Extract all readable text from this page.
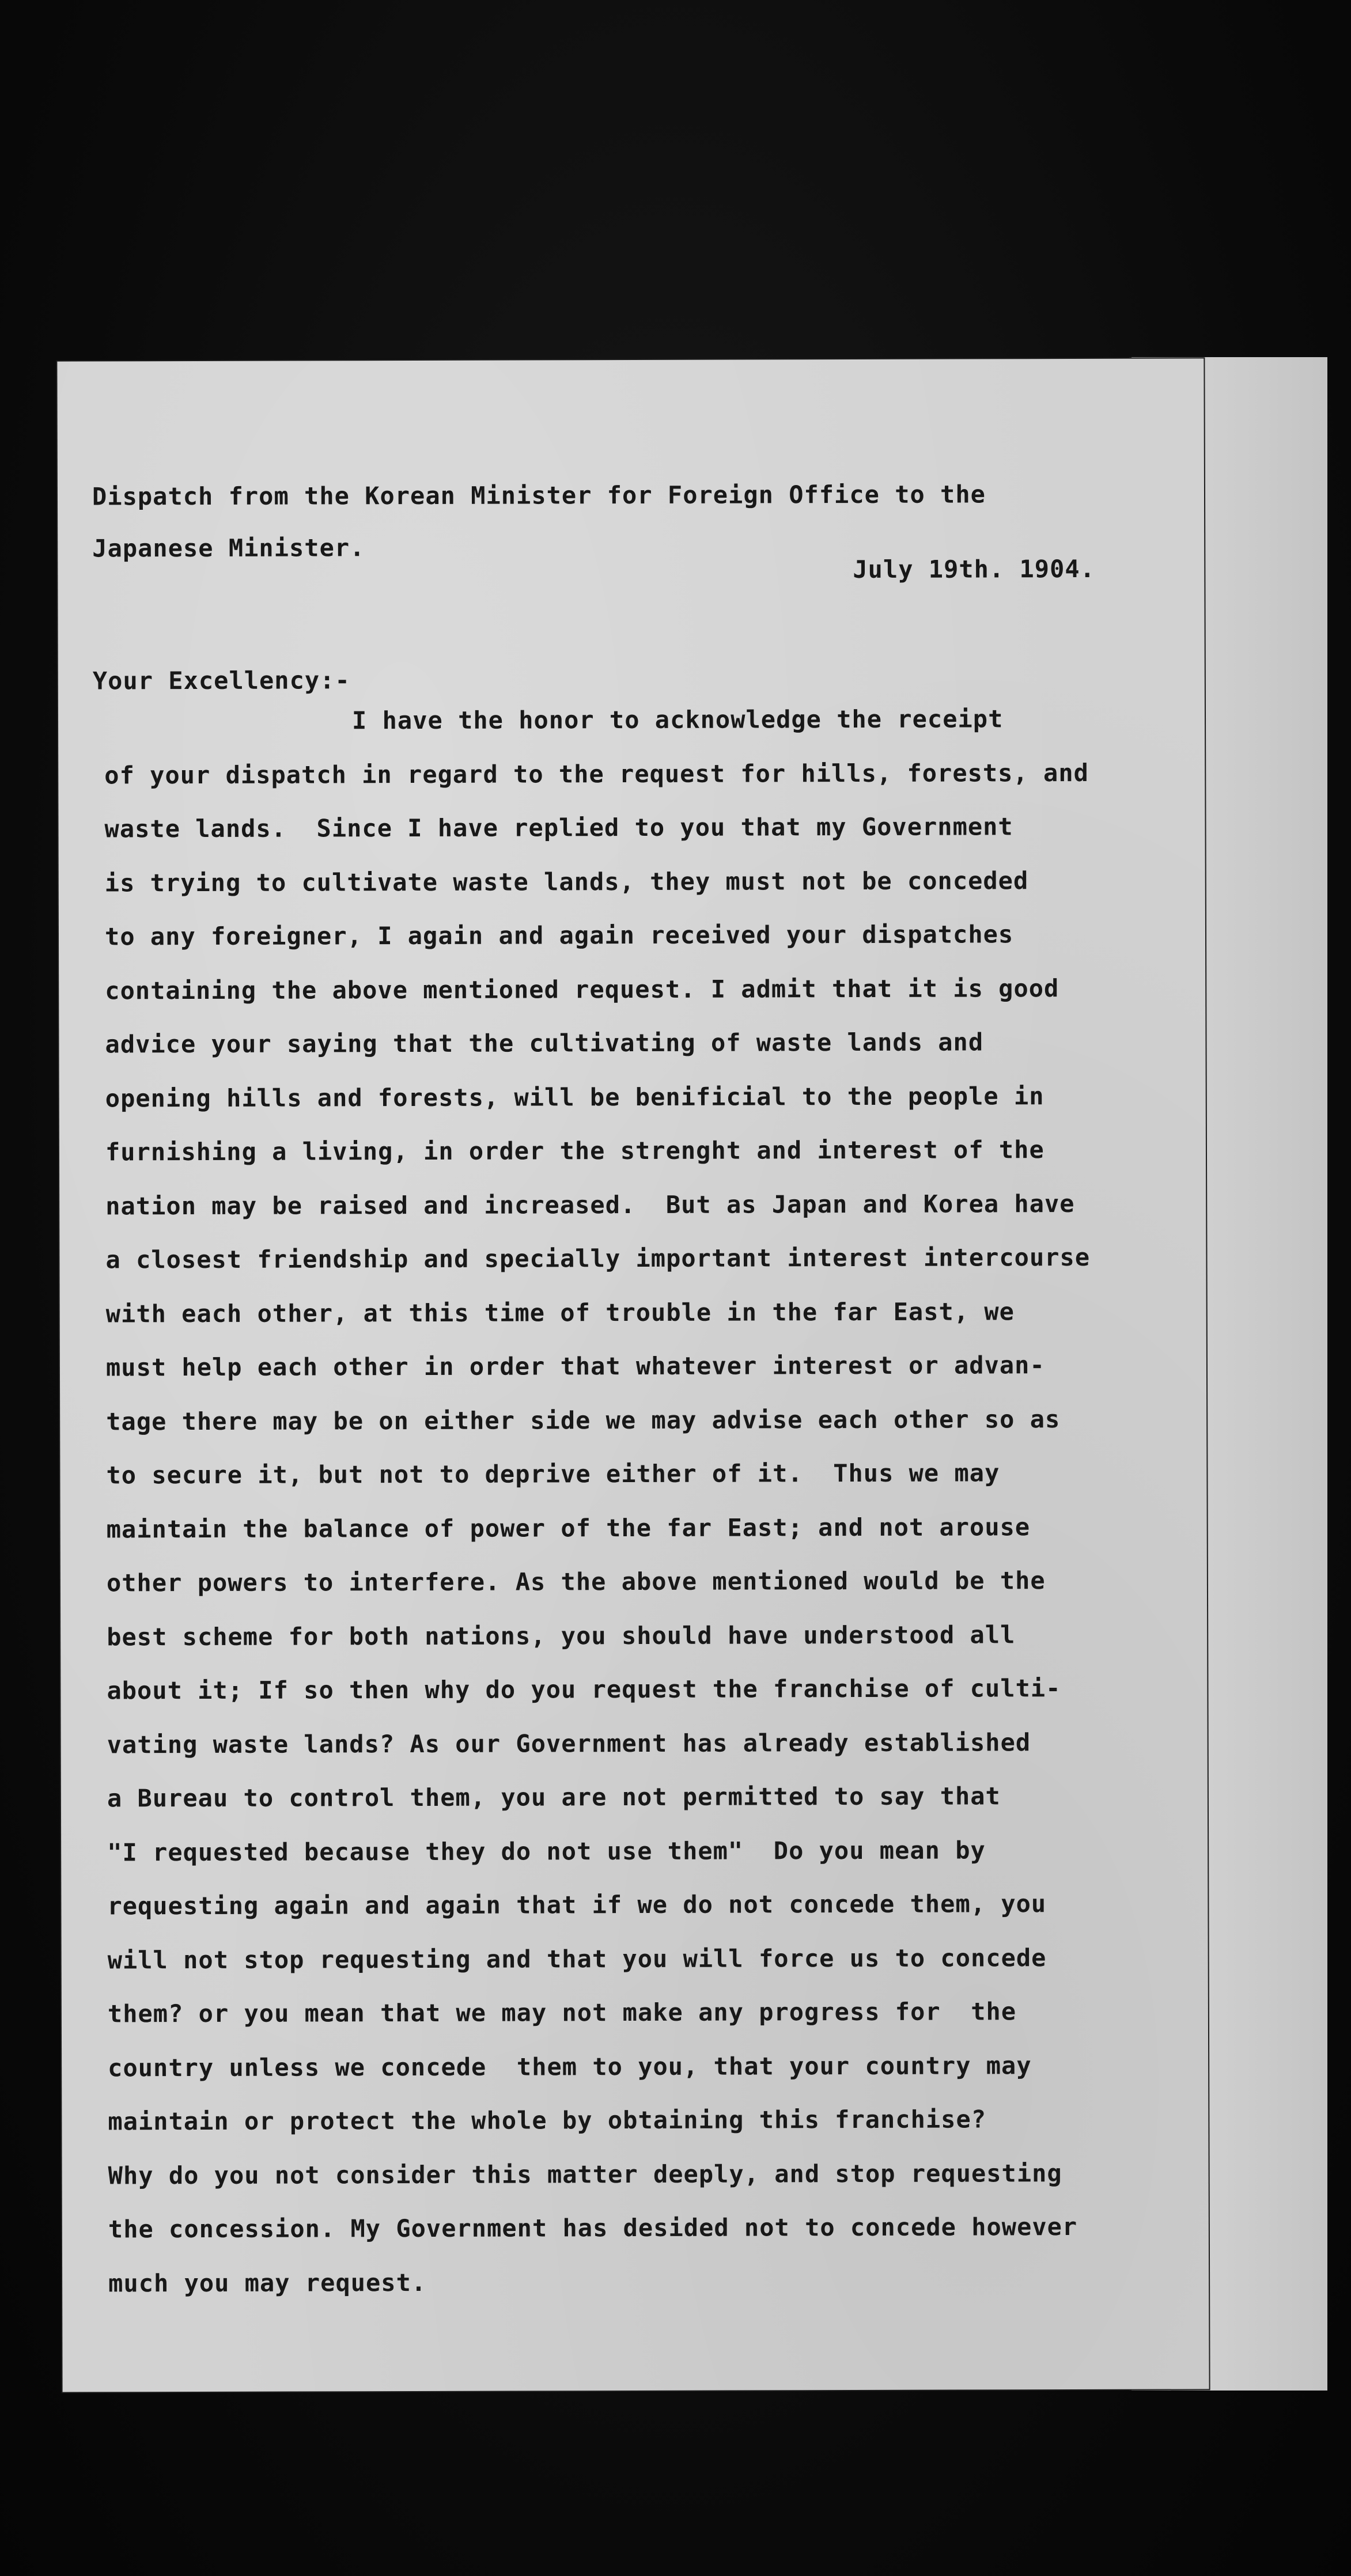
Dispatch from the Korean Minister for Foreign Office to the

Japanese Minister.

July 19th. 1904.

Your Excellency:-

I have the honor to acknowledge the receipt
of your dispatch in regard to the request for hills, forests, and
waste lands.  Since I have replied to you that my Government
is trying to cultivate waste lands, they must not be conceded
to any foreigner, I again and again received your dispatches
containing the above mentioned request. I admit that it is good
advice your saying that the cultivating of waste lands and
opening hills and forests, will be benificial to the people in
furnishing a living, in order the strenght and interest of the
nation may be raised and increased.  But as Japan and Korea have
a closest friendship and specially important interest intercourse
with each other, at this time of trouble in the far East, we
must help each other in order that whatever interest or advan-
tage there may be on either side we may advise each other so as
to secure it, but not to deprive either of it.  Thus we may
maintain the balance of power of the far East; and not arouse
other powers to interfere. As the above mentioned would be the
best scheme for both nations, you should have understood all
about it; If so then why do you request the franchise of culti-
vating waste lands? As our Government has already established
a Bureau to control them, you are not permitted to say that
"I requested because they do not use them"  Do you mean by
requesting again and again that if we do not concede them, you
will not stop requesting and that you will force us to concede
them? or you mean that we may not make any progress for  the
country unless we concede  them to you, that your country may
maintain or protect the whole by obtaining this franchise?
Why do you not consider this matter deeply, and stop requesting
the concession. My Government has desided not to concede however
much you may request.
